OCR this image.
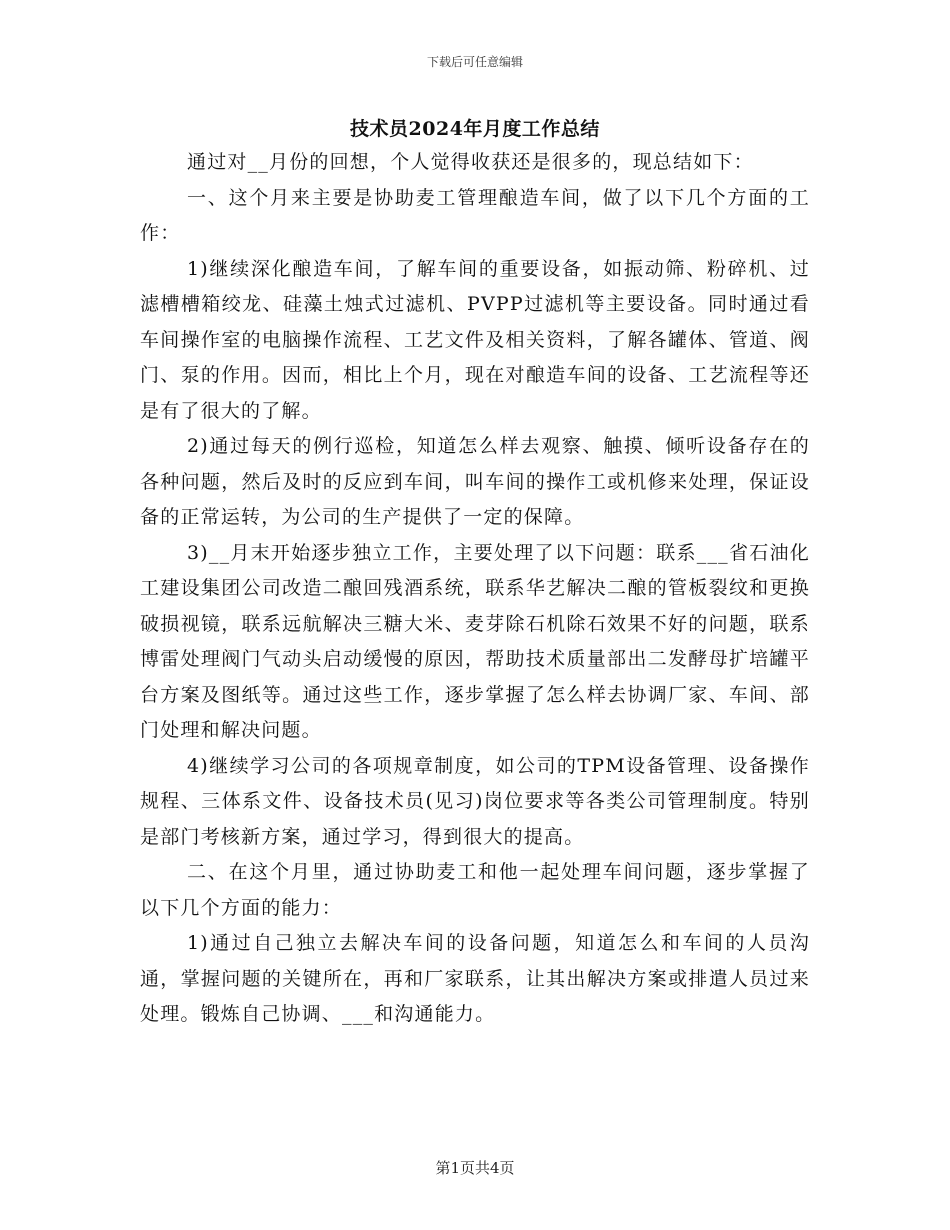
下载后可任意编辑
技术员2024年月度工作总结

通过对__月份的回想，个人觉得收获还是很多的，现总结如下：

一、这个月来主要是协助麦工管理酿造车间，做了以下几个方面的工作：

1)继续深化酿造车间，了解车间的重要设备，如振动筛、粉碎机、过滤槽槽箱绞龙、硅藻土烛式过滤机、PVPP过滤机等主要设备。同时通过看车间操作室的电脑操作流程、工艺文件及相关资料，了解各罐体、管道、阀门、泵的作用。因而，相比上个月，现在对酿造车间的设备、工艺流程等还是有了很大的了解。

2)通过每天的例行巡检，知道怎么样去观察、触摸、倾听设备存在的各种问题，然后及时的反应到车间，叫车间的操作工或机修来处理，保证设备的正常运转，为公司的生产提供了一定的保障。

3)__月末开始逐步独立工作，主要处理了以下问题：联系___省石油化工建设集团公司改造二酿回残酒系统，联系华艺解决二酿的管板裂纹和更换破损视镜，联系远航解决三糖大米、麦芽除石机除石效果不好的问题，联系博雷处理阀门气动头启动缓慢的原因，帮助技术质量部出二发酵母扩培罐平台方案及图纸等。通过这些工作，逐步掌握了怎么样去协调厂家、车间、部门处理和解决问题。

4)继续学习公司的各项规章制度，如公司的TPM设备管理、设备操作规程、三体系文件、设备技术员(见习)岗位要求等各类公司管理制度。特别是部门考核新方案，通过学习，得到很大的提高。

二、在这个月里，通过协助麦工和他一起处理车间问题，逐步掌握了以下几个方面的能力：

1)通过自己独立去解决车间的设备问题，知道怎么和车间的人员沟通，掌握问题的关键所在，再和厂家联系，让其出解决方案或排遣人员过来处理。锻炼自己协调、___和沟通能力。

第1页共4页
